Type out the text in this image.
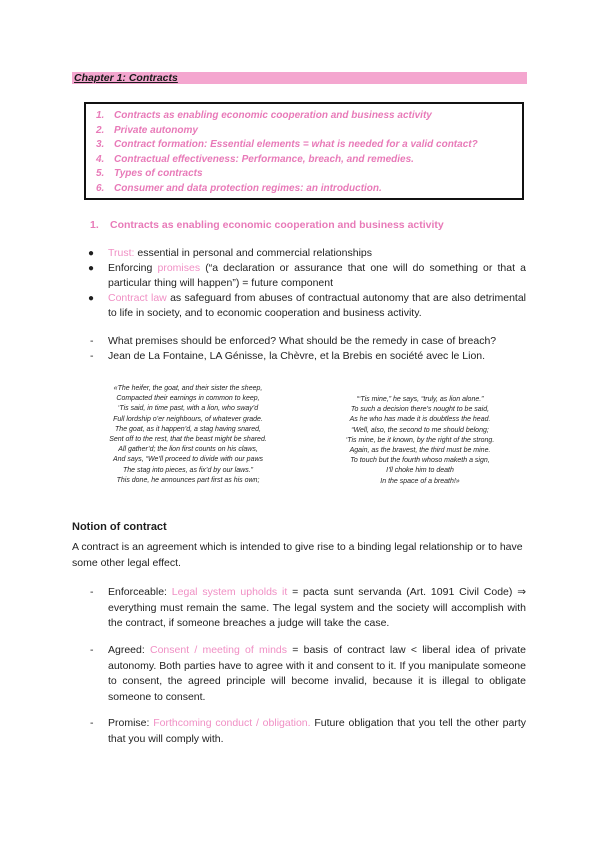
Chapter 1: Contracts
1. Contracts as enabling economic cooperation and business activity
2. Private autonomy
3. Contract formation: Essential elements = what is needed for a valid contact?
4. Contractual effectiveness: Performance, breach, and remedies.
5. Types of contracts
6. Consumer and data protection regimes: an introduction.
1. Contracts as enabling economic cooperation and business activity
● Trust: essential in personal and commercial relationships
● Enforcing promises (“a declaration or assurance that one will do something or that a particular thing will happen”) = future component
● Contract law as safeguard from abuses of contractual autonomy that are also detrimental to life in society, and to economic cooperation and business activity.
- What premises should be enforced? What should be the remedy in case of breach?
- Jean de La Fontaine, LA Génisse, la Chèvre, et la Brebis en société avec le Lion.
«The heifer, the goat, and their sister the sheep,
Compacted their earnings in common to keep,
‘Tis said, in time past, with a lion, who sway’d
Full lordship o’er neighbours, of whatever grade.
The goat, as it happen’d, a stag having snared,
Sent off to the rest, that the beast might be shared.
All gather’d; the lion first counts on his claws,
And says, “We’ll proceed to divide with our paws
The stag into pieces, as fix’d by our laws.”
This done, he announces part first as his own;
“‘Tis mine,” he says, “truly, as lion alone.”
To such a decision there’s nought to be said,
As he who has made it is doubtless the head.
“Well, also, the second to me should belong;
‘Tis mine, be it known, by the right of the strong.
Again, as the bravest, the third must be mine.
To touch but the fourth whoso maketh a sign,
I’ll choke him to death
In the space of a breath!»
Notion of contract
A contract is an agreement which is intended to give rise to a binding legal relationship or to have some other legal effect.
- Enforceable: Legal system upholds it = pacta sunt servanda (Art. 1091 Civil Code) ⇒ everything must remain the same. The legal system and the society will accomplish with the contract, if someone breaches a judge will take the case.
- Agreed: Consent / meeting of minds = basis of contract law < liberal idea of private autonomy. Both parties have to agree with it and consent to it. If you manipulate someone to consent, the agreed principle will become invalid, because it is illegal to obligate someone to consent.
- Promise: Forthcoming conduct / obligation. Future obligation that you tell the other party that you will comply with.
